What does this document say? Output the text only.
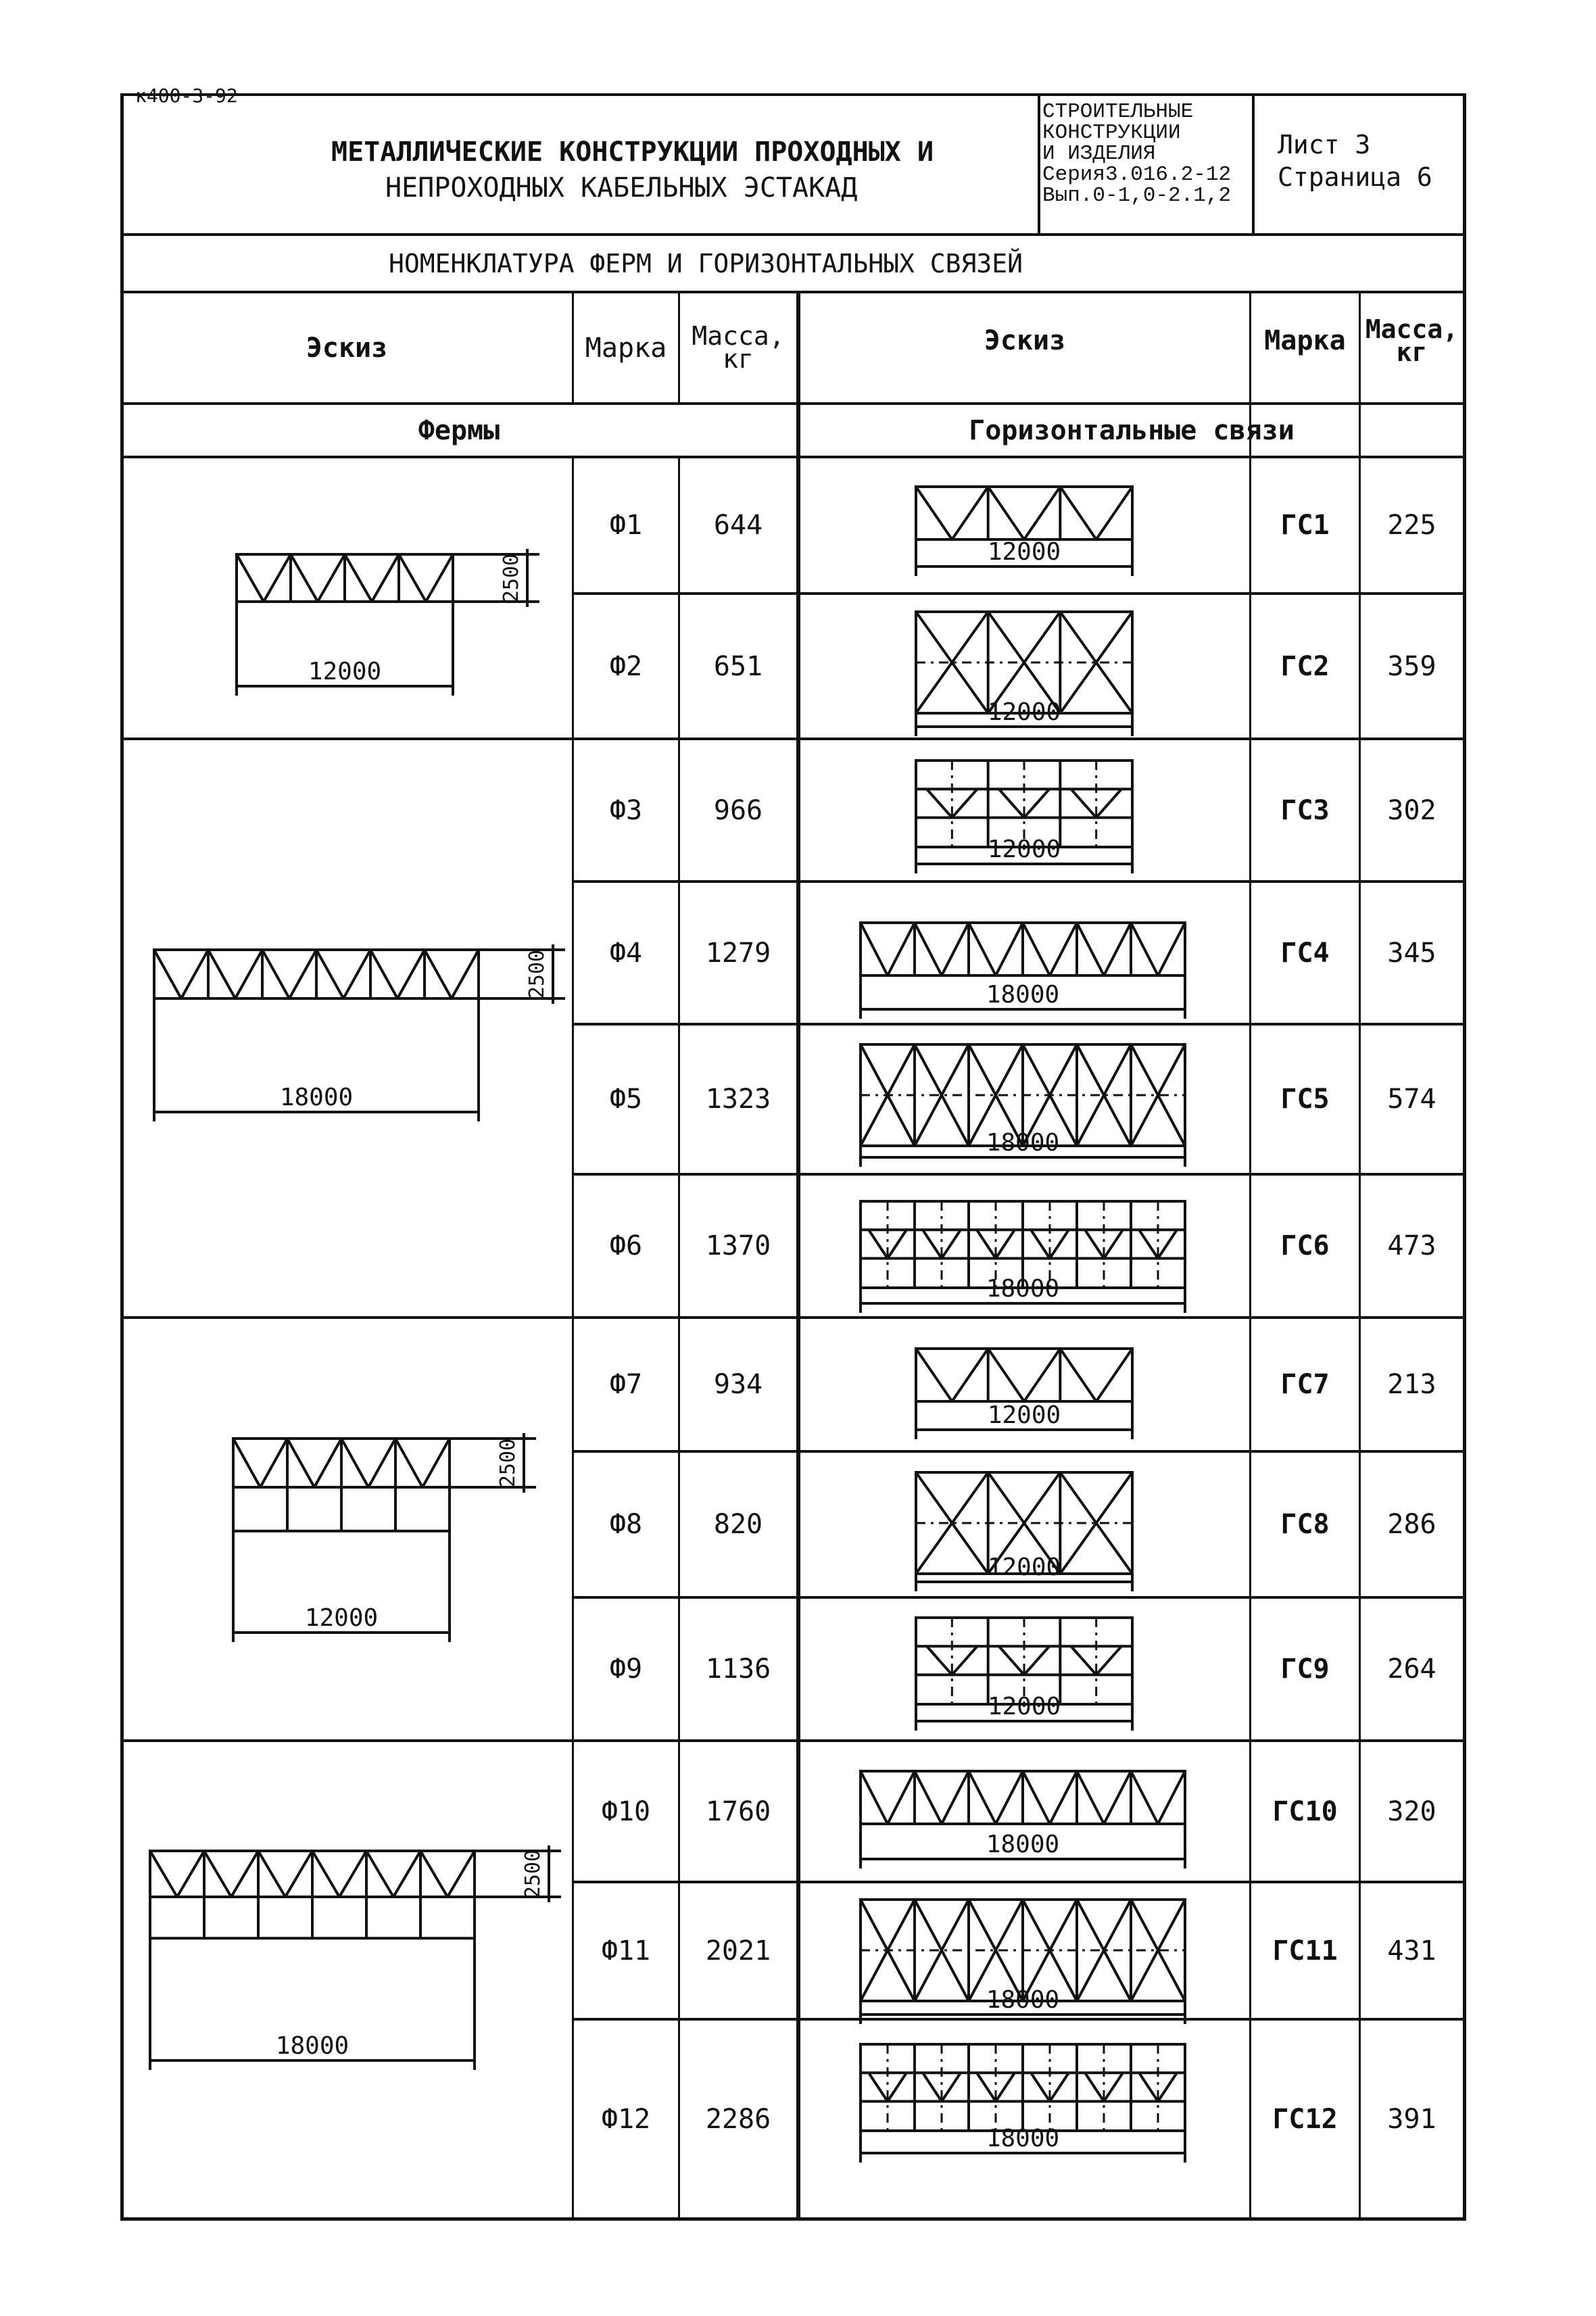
МЕТАЛЛИЧЕСКИЕ КОНСТРУКЦИИ ПРОХОДНЫХ И
НЕПРОХОДНЫХ КАБЕЛЬНЫХ ЭСТАКАД
СТРОИТЕЛЬНЫЕ
КОНСТРУКЦИИ
И ИЗДЕЛИЯ
Серия3.016.2-12
Вып.0-1,0-2.1,2
Лист 3
Страница 6
НОМЕНКЛАТУРА ФЕРМ И ГОРИЗОНТАЛЬНЫХ СВЯЗЕЙ
Эскиз	Марка Масса,
кг
Эскиз	Марка Масса,
кг
Фермы	Горизонтальные связи
Ф1	644	ГС1	225
Ф2	651	ГС2	359
Ф3	966	ГС3	302
Ф4	1279	ГС4	345
Ф5	1323	ГС5	574
Ф6	1370	ГС6	473
Ф7	934	ГС7	213
Ф8	820	ГС8	286
Ф9	1136	ГС9	264
Ф10	1760	ГС10	320
Ф11	2021	ГС11	431
Ф12	2286	ГС12	391
12000
2500
18000
2500
12000
2500
18000
2500
12000
12000
12000
18000
18000
18000
12000
12000
12000
18000
18000
18000
